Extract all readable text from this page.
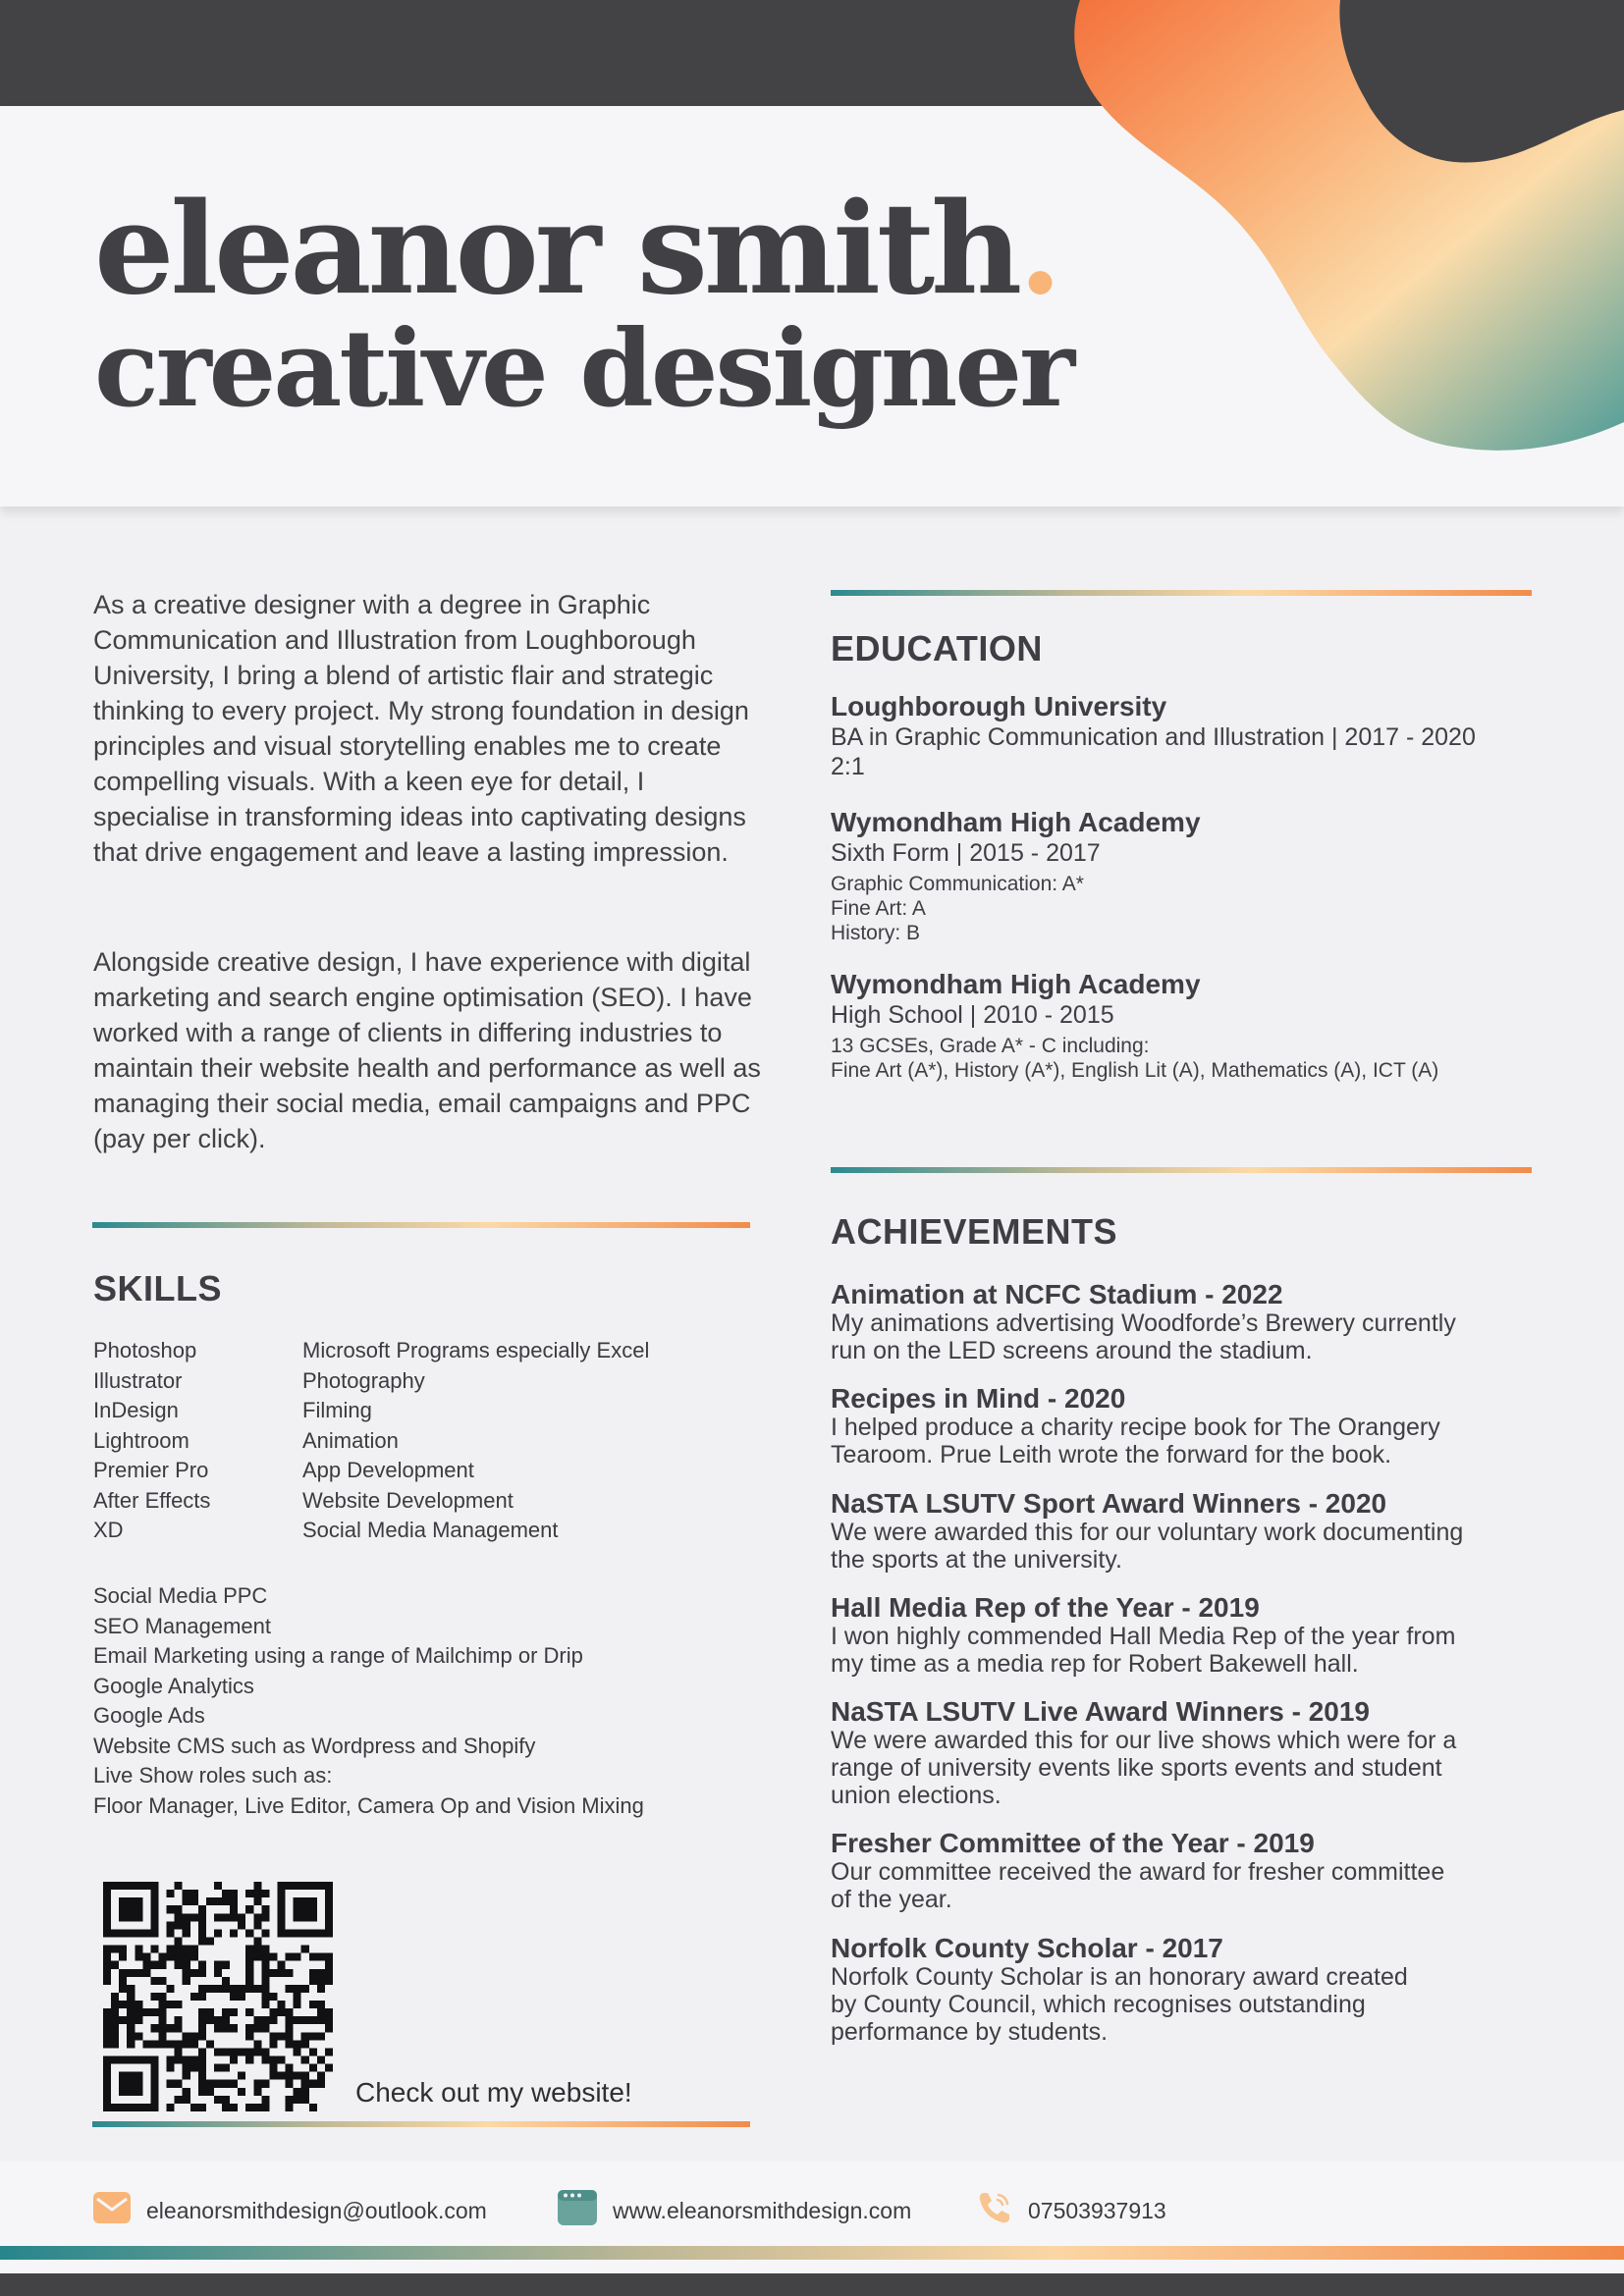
eleanor smith.
creative designer
As a creative designer with a degree in Graphic Communication and Illustration from Loughborough University, I bring a blend of artistic flair and strategic thinking to every project. My strong foundation in design principles and visual storytelling enables me to create compelling visuals. With a keen eye for detail, I specialise in transforming ideas into captivating designs that drive engagement and leave a lasting impression.
Alongside creative design, I have experience with digital marketing and search engine optimisation (SEO). I have worked with a range of clients in differing industries to maintain their website health and performance as well as managing their social media, email campaigns and PPC (pay per click).
SKILLS
Photoshop
Illustrator
InDesign
Lightroom
Premier Pro
After Effects
XD
Microsoft Programs especially Excel
Photography
Filming
Animation
App Development
Website Development
Social Media Management
Social Media PPC
SEO Management
Email Marketing using a range of Mailchimp or Drip
Google Analytics
Google Ads
Website CMS such as Wordpress and Shopify
Live Show roles such as:
Floor Manager, Live Editor, Camera Op and Vision Mixing
Check out my website!
EDUCATION
Loughborough University
BA in Graphic Communication and Illustration | 2017 - 2020
2:1
Wymondham High Academy
Sixth Form | 2015 - 2017
Graphic Communication: A*
Fine Art: A
History: B
Wymondham High Academy
High School | 2010 - 2015
13 GCSEs, Grade A* - C including:
Fine Art (A*), History (A*), English Lit (A), Mathematics (A), ICT (A)
ACHIEVEMENTS
Animation at NCFC Stadium - 2022
My animations advertising Woodforde’s Brewery currently
run on the LED screens around the stadium.
Recipes in Mind - 2020
I helped produce a charity recipe book for The Orangery
Tearoom. Prue Leith wrote the forward for the book.
NaSTA LSUTV Sport Award Winners - 2020
We were awarded this for our voluntary work documenting
the sports at the university.
Hall Media Rep of the Year - 2019
I won highly commended Hall Media Rep of the year from
my time as a media rep for Robert Bakewell hall.
NaSTA LSUTV Live Award Winners - 2019
We were awarded this for our live shows which were for a
range of university events like sports events and student
union elections.
Fresher Committee of the Year - 2019
Our committee received the award for fresher committee
of the year.
Norfolk County Scholar - 2017
Norfolk County Scholar is an honorary award created
by County Council, which recognises outstanding
performance by students.
eleanorsmithdesign@outlook.com	www.eleanorsmithdesign.com	07503937913
